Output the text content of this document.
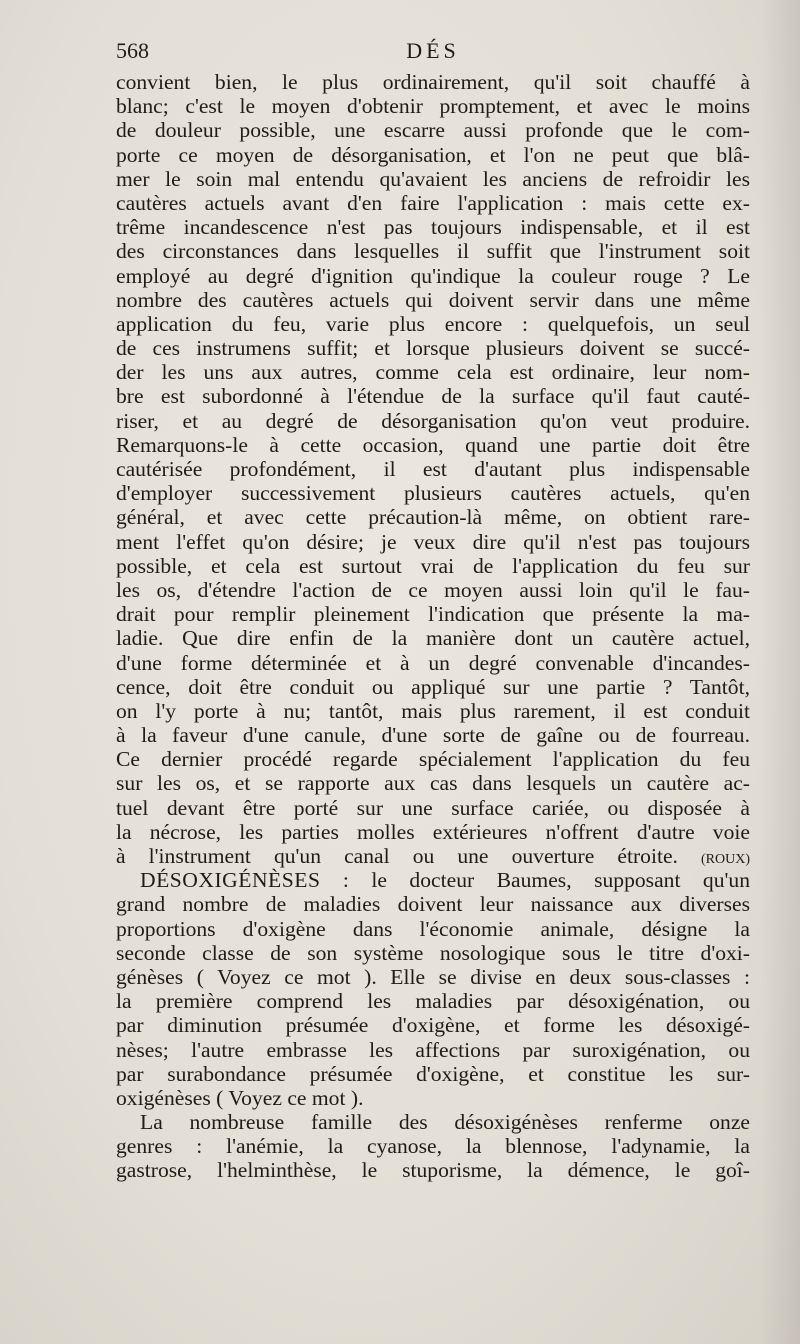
568	DÉS
convient bien, le plus ordinairement, qu'il soit chauffé à
blanc; c'est le moyen d'obtenir promptement, et avec le moins
de douleur possible, une escarre aussi profonde que le com-
porte ce moyen de désorganisation, et l'on ne peut que blâ-
mer le soin mal entendu qu'avaient les anciens de refroidir les
cautères actuels avant d'en faire l'application : mais cette ex-
trême incandescence n'est pas toujours indispensable, et il est
des circonstances dans lesquelles il suffit que l'instrument soit
employé au degré d'ignition qu'indique la couleur rouge ? Le
nombre des cautères actuels qui doivent servir dans une même
application du feu, varie plus encore : quelquefois, un seul
de ces instrumens suffit; et lorsque plusieurs doivent se succé-
der les uns aux autres, comme cela est ordinaire, leur nom-
bre est subordonné à l'étendue de la surface qu'il faut cauté-
riser, et au degré de désorganisation qu'on veut produire.
Remarquons-le à cette occasion, quand une partie doit être
cautérisée profondément, il est d'autant plus indispensable
d'employer successivement plusieurs cautères actuels, qu'en
général, et avec cette précaution-là même, on obtient rare-
ment l'effet qu'on désire; je veux dire qu'il n'est pas toujours
possible, et cela est surtout vrai de l'application du feu sur
les os, d'étendre l'action de ce moyen aussi loin qu'il le fau-
drait pour remplir pleinement l'indication que présente la ma-
ladie. Que dire enfin de la manière dont un cautère actuel,
d'une forme déterminée et à un degré convenable d'incandes-
cence, doit être conduit ou appliqué sur une partie ? Tantôt,
on l'y porte à nu; tantôt, mais plus rarement, il est conduit
à la faveur d'une canule, d'une sorte de gaîne ou de fourreau.
Ce dernier procédé regarde spécialement l'application du feu
sur les os, et se rapporte aux cas dans lesquels un cautère ac-
tuel devant être porté sur une surface cariée, ou disposée à
la nécrose, les parties molles extérieures n'offrent d'autre voie
à l'instrument qu'un canal ou une ouverture étroite. (ROUX)
DÉSOXIGÉNÈSES : le docteur Baumes, supposant qu'un
grand nombre de maladies doivent leur naissance aux diverses
proportions d'oxigène dans l'économie animale, désigne la
seconde classe de son système nosologique sous le titre d'oxi-
génèses ( Voyez ce mot ). Elle se divise en deux sous-classes :
la première comprend les maladies par désoxigénation, ou
par diminution présumée d'oxigène, et forme les désoxigé-
nèses; l'autre embrasse les affections par suroxigénation, ou
par surabondance présumée d'oxigène, et constitue les sur-
oxigénèses ( Voyez ce mot ).
La nombreuse famille des désoxigénèses renferme onze
genres : l'anémie, la cyanose, la blennose, l'adynamie, la
gastrose, l'helminthèse, le stuporisme, la démence, le goî-
